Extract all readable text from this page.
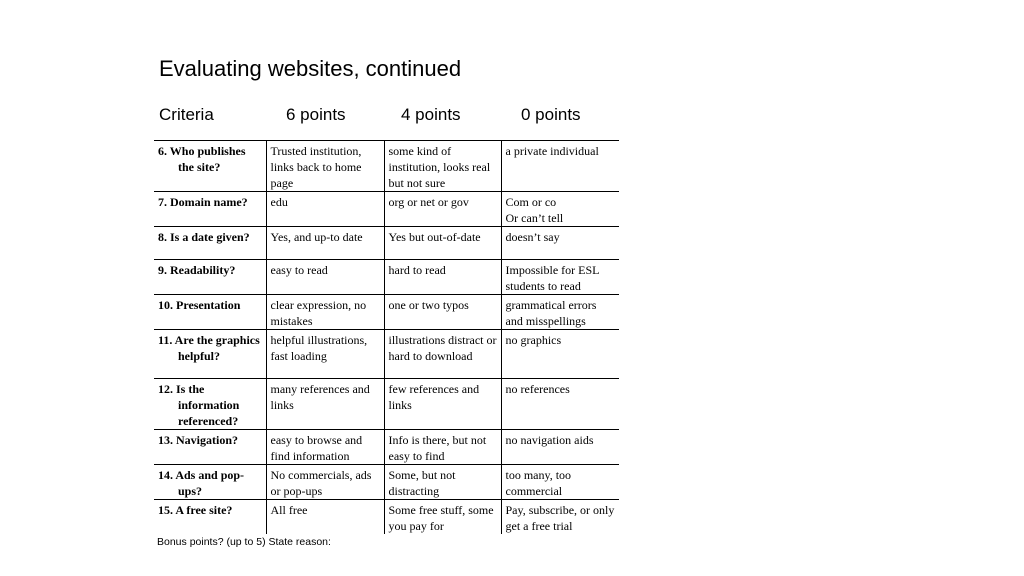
Evaluating websites, continued
Criteria	6 points	4 points	0 points
6. Who publishes the site?	Trusted institution, links back to home page	some kind of institution, looks real but not sure	a private individual

7. Domain name?	edu	org or net or gov	Com or co
Or can’t tell

8. Is a date given?	Yes, and up-to date	Yes but out-of-date	doesn’t say

9. Readability?	easy to read	hard to read	Impossible for ESL students to read

10. Presentation	clear expression, no mistakes	one or two typos	grammatical errors and misspellings

11. Are the graphics helpful?	helpful illustrations, fast loading	illustrations distract or hard to download	no graphics

12. Is the information referenced?	many references and links	few references and links	no references

13. Navigation?	easy to browse and find information	Info is there, but not easy to find	no navigation aids

14. Ads and pop-ups?	No commercials, ads or pop-ups	Some, but not distracting	too many, too commercial

15. A free site?	All free	Some free stuff, some you pay for	Pay, subscribe, or only get a free trial
Bonus points? (up to 5) State reason:
